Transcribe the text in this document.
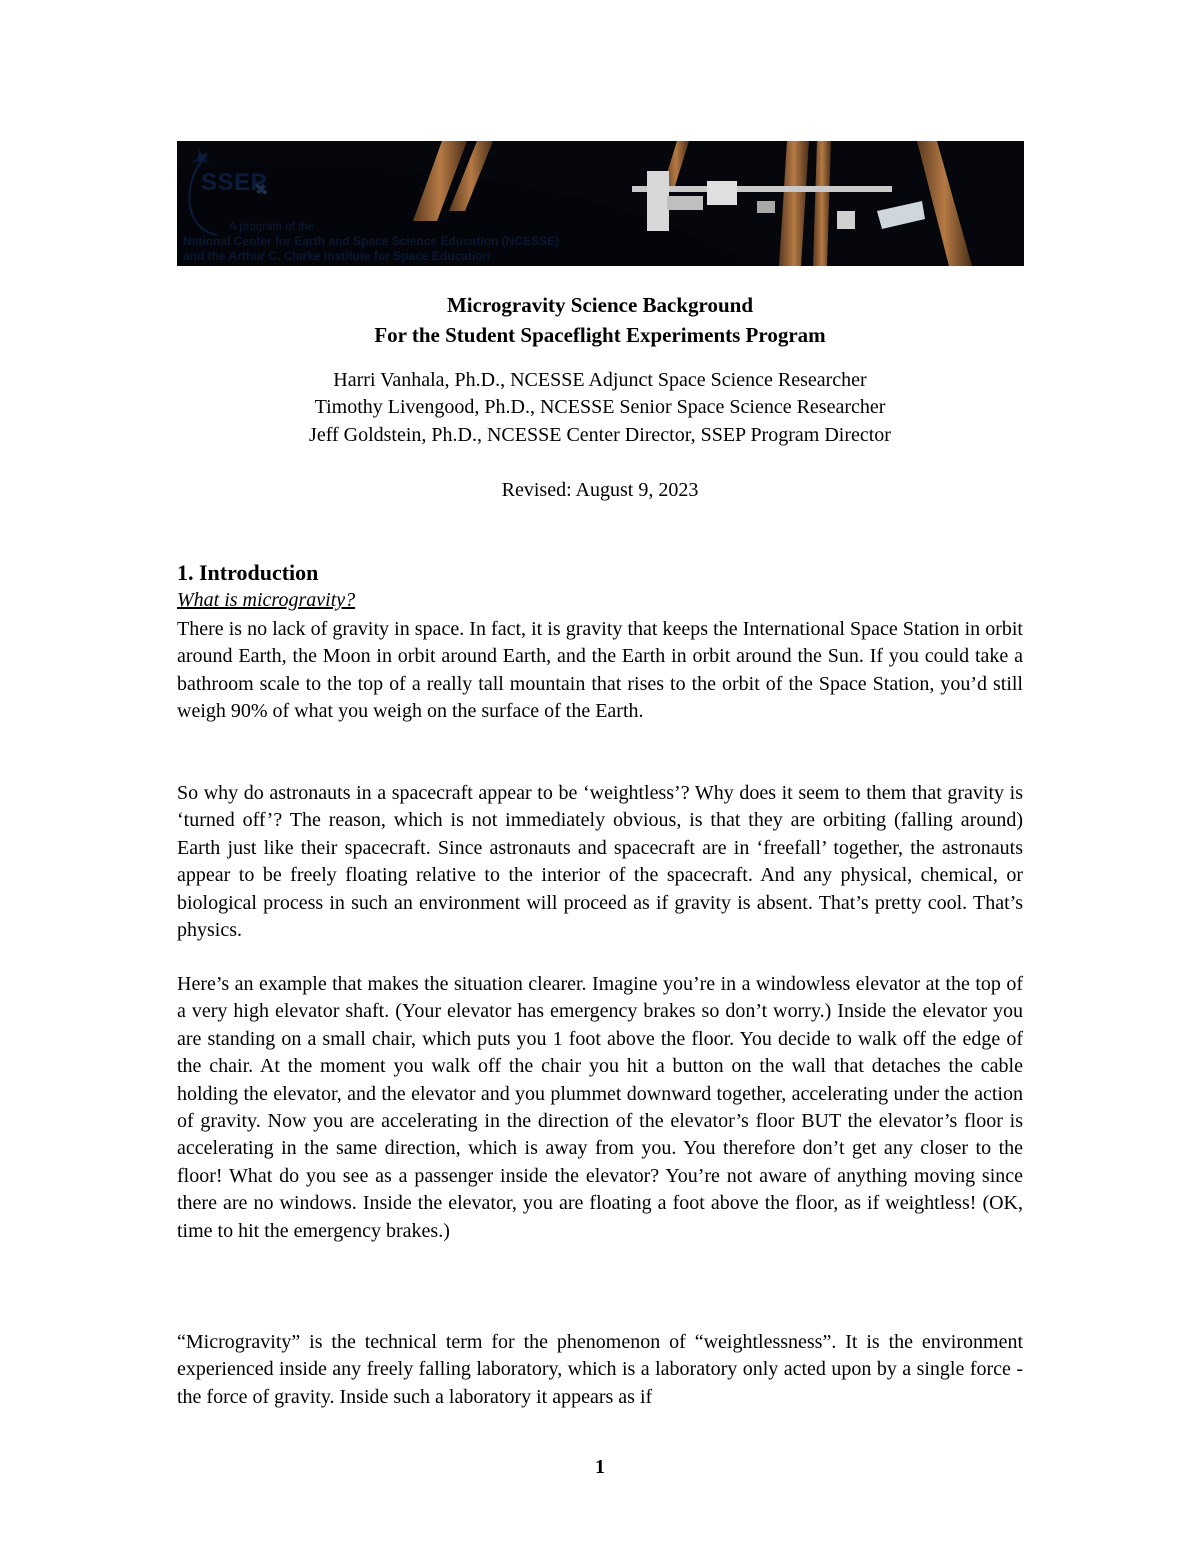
SSEP
A program of the
National Center for Earth and Space Science Education (NCESSE)
and the Arthur C. Clarke Institute for Space Education
Microgravity Science Background
For the Student Spaceflight Experiments Program
Harri Vanhala, Ph.D., NCESSE Adjunct Space Science Researcher
Timothy Livengood, Ph.D., NCESSE Senior Space Science Researcher
Jeff Goldstein, Ph.D., NCESSE Center Director, SSEP Program Director
Revised: August 9, 2023
1. Introduction
What is microgravity?
There is no lack of gravity in space. In fact, it is gravity that keeps the International Space Station in orbit around Earth, the Moon in orbit around Earth, and the Earth in orbit around the Sun. If you could take a bathroom scale to the top of a really tall mountain that rises to the orbit of the Space Station, you’d still weigh 90% of what you weigh on the surface of the Earth.
So why do astronauts in a spacecraft appear to be ‘weightless’? Why does it seem to them that gravity is ‘turned off’? The reason, which is not immediately obvious, is that they are orbiting (falling around) Earth just like their spacecraft. Since astronauts and spacecraft are in ‘freefall’ together, the astronauts appear to be freely floating relative to the interior of the spacecraft. And any physical, chemical, or biological process in such an environment will proceed as if gravity is absent. That’s pretty cool. That’s physics.
Here’s an example that makes the situation clearer. Imagine you’re in a windowless elevator at the top of a very high elevator shaft. (Your elevator has emergency brakes so don’t worry.) Inside the elevator you are standing on a small chair, which puts you 1 foot above the floor. You decide to walk off the edge of the chair. At the moment you walk off the chair you hit a button on the wall that detaches the cable holding the elevator, and the elevator and you plummet downward together, accelerating under the action of gravity. Now you are accelerating in the direction of the elevator’s floor BUT the elevator’s floor is accelerating in the same direction, which is away from you. You therefore don’t get any closer to the floor! What do you see as a passenger inside the elevator? You’re not aware of anything moving since there are no windows. Inside the elevator, you are floating a foot above the floor, as if weightless! (OK, time to hit the emergency brakes.)
“Microgravity” is the technical term for the phenomenon of “weightlessness”. It is the environment experienced inside any freely falling laboratory, which is a laboratory only acted upon by a single force - the force of gravity. Inside such a laboratory it appears as if
1
